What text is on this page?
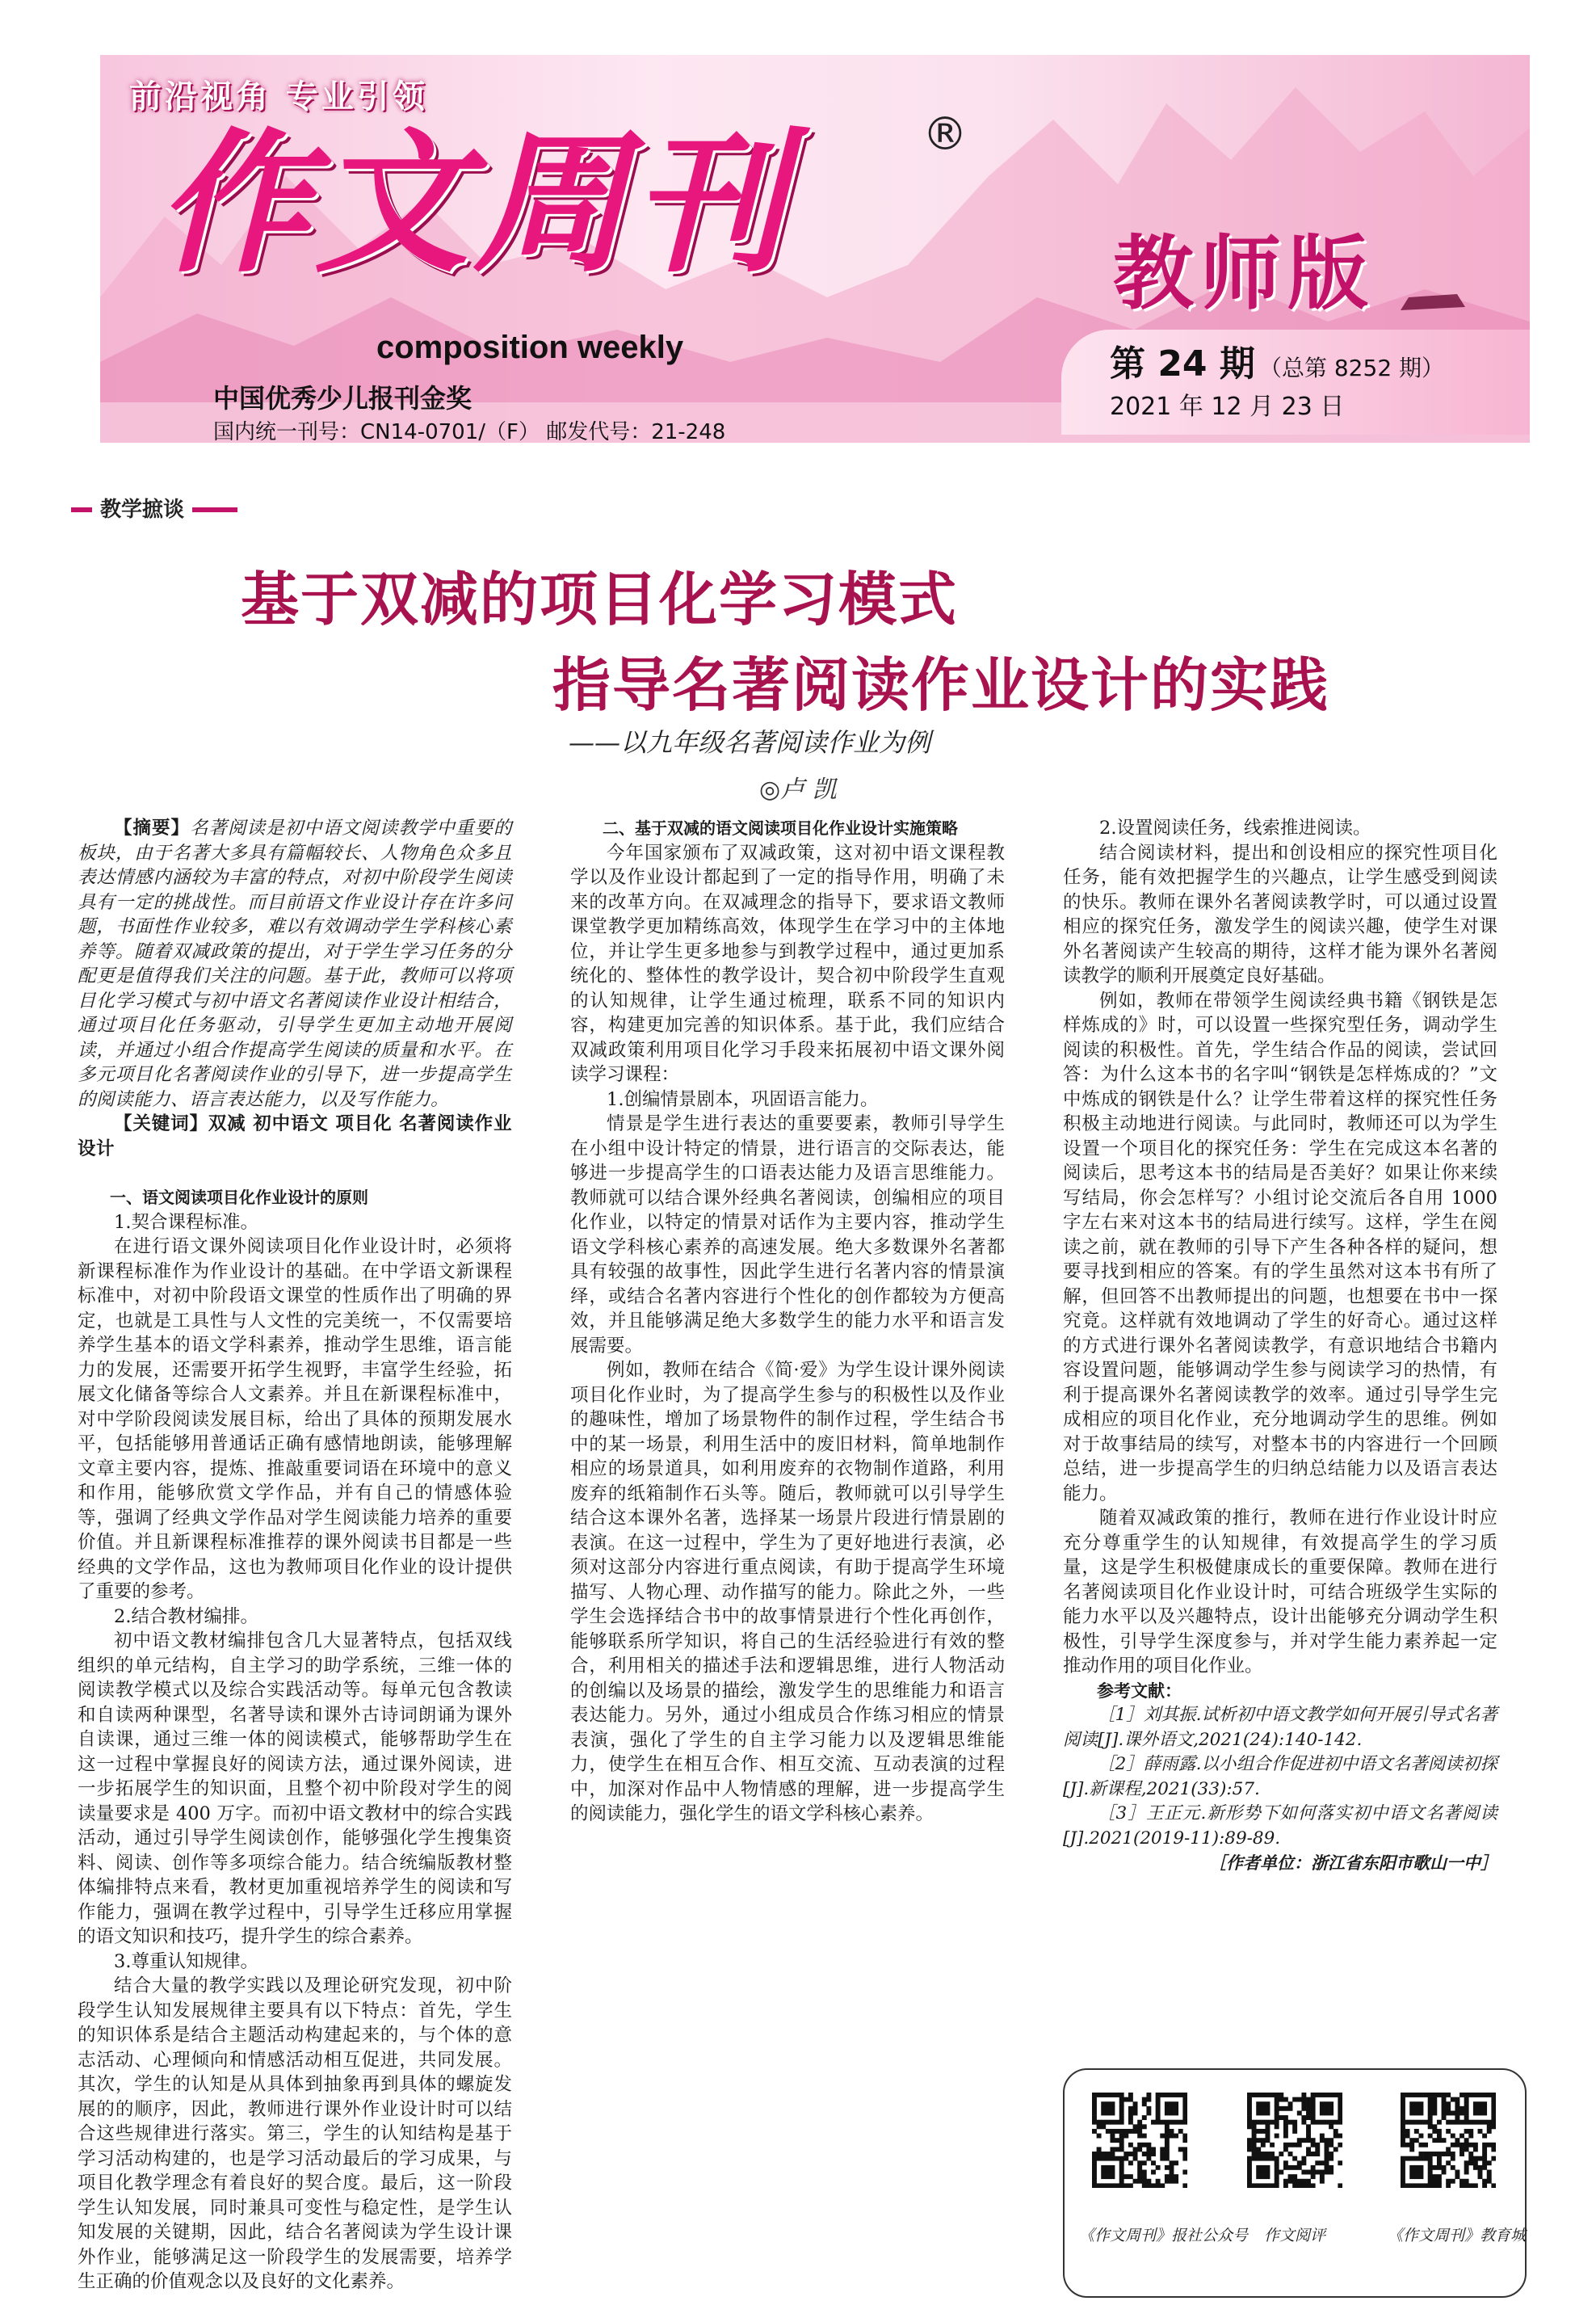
前沿视角 专业引领
作文周刊	®
composition weekly
中国优秀少儿报刊金奖
国内统一刊号：CN14-0701/（F） 邮发代号：21-248
教师版
第 24 期 （总第 8252 期）
2021 年 12 月 23 日
教学摭谈
基于双减的项目化学习模式
指导名著阅读作业设计的实践
——以九年级名著阅读作业为例
◎卢 凯

【摘要】名著阅读是初中语文阅读教学中重要的板块，由于名著大多具有篇幅较长、人物角色众多且表达情感内涵较为丰富的特点，对初中阶段学生阅读具有一定的挑战性。而目前语文作业设计存在许多问题，书面性作业较多，难以有效调动学生学科核心素养等。随着双减政策的提出，对于学生学习任务的分配更是值得我们关注的问题。基于此，教师可以将项目化学习模式与初中语文名著阅读作业设计相结合，通过项目化任务驱动，引导学生更加主动地开展阅读，并通过小组合作提高学生阅读的质量和水平。在多元项目化名著阅读作业的引导下，进一步提高学生的阅读能力、语言表达能力，以及写作能力。

【关键词】双减 初中语文 项目化 名著阅读作业设计

一、语文阅读项目化作业设计的原则

1.契合课程标准。

在进行语文课外阅读项目化作业设计时，必须将新课程标准作为作业设计的基础。在中学语文新课程标准中，对初中阶段语文课堂的性质作出了明确的界定，也就是工具性与人文性的完美统一，不仅需要培养学生基本的语文学科素养，推动学生思维，语言能力的发展，还需要开拓学生视野，丰富学生经验，拓展文化储备等综合人文素养。并且在新课程标准中，对中学阶段阅读发展目标，给出了具体的预期发展水平，包括能够用普通话正确有感情地朗读，能够理解文章主要内容，提炼、推敲重要词语在环境中的意义和作用，能够欣赏文学作品，并有自己的情感体验等，强调了经典文学作品对学生阅读能力培养的重要价值。并且新课程标准推荐的课外阅读书目都是一些经典的文学作品，这也为教师项目化作业的设计提供了重要的参考。

2.结合教材编排。

初中语文教材编排包含几大显著特点，包括双线组织的单元结构，自主学习的助学系统，三维一体的阅读教学模式以及综合实践活动等。每单元包含教读和自读两种课型，名著导读和课外古诗词朗诵为课外自读课，通过三维一体的阅读模式，能够帮助学生在这一过程中掌握良好的阅读方法，通过课外阅读，进一步拓展学生的知识面，且整个初中阶段对学生的阅读量要求是 400 万字。而初中语文教材中的综合实践活动，通过引导学生阅读创作，能够强化学生搜集资料、阅读、创作等多项综合能力。结合统编版教材整体编排特点来看，教材更加重视培养学生的阅读和写作能力，强调在教学过程中，引导学生迁移应用掌握的语文知识和技巧，提升学生的综合素养。

3.尊重认知规律。

结合大量的教学实践以及理论研究发现，初中阶段学生认知发展规律主要具有以下特点：首先，学生的知识体系是结合主题活动构建起来的，与个体的意志活动、心理倾向和情感活动相互促进，共同发展。其次，学生的认知是从具体到抽象再到具体的螺旋发展的的顺序，因此，教师进行课外作业设计时可以结合这些规律进行落实。第三，学生的认知结构是基于学习活动构建的，也是学习活动最后的学习成果，与项目化教学理念有着良好的契合度。最后，这一阶段学生认知发展，同时兼具可变性与稳定性，是学生认知发展的关键期，因此，结合名著阅读为学生设计课外作业，能够满足这一阶段学生的发展需要，培养学生正确的价值观念以及良好的文化素养。

二、基于双减的语文阅读项目化作业设计实施策略

今年国家颁布了双减政策，这对初中语文课程教学以及作业设计都起到了一定的指导作用，明确了未来的改革方向。在双减理念的指导下，要求语文教师课堂教学更加精练高效，体现学生在学习中的主体地位，并让学生更多地参与到教学过程中，通过更加系统化的、整体性的教学设计，契合初中阶段学生直观的认知规律，让学生通过梳理，联系不同的知识内容，构建更加完善的知识体系。基于此，我们应结合双减政策利用项目化学习手段来拓展初中语文课外阅读学习课程：

1.创编情景剧本，巩固语言能力。

情景是学生进行表达的重要要素，教师引导学生在小组中设计特定的情景，进行语言的交际表达，能够进一步提高学生的口语表达能力及语言思维能力。教师就可以结合课外经典名著阅读，创编相应的项目化作业，以特定的情景对话作为主要内容，推动学生语文学科核心素养的高速发展。绝大多数课外名著都具有较强的故事性，因此学生进行名著内容的情景演绎，或结合名著内容进行个性化的创作都较为方便高效，并且能够满足绝大多数学生的能力水平和语言发展需要。

例如，教师在结合《简·爱》为学生设计课外阅读项目化作业时，为了提高学生参与的积极性以及作业的趣味性，增加了场景物件的制作过程，学生结合书中的某一场景，利用生活中的废旧材料，简单地制作相应的场景道具，如利用废弃的衣物制作道路，利用废弃的纸箱制作石头等。随后，教师就可以引导学生结合这本课外名著，选择某一场景片段进行情景剧的表演。在这一过程中，学生为了更好地进行表演，必须对这部分内容进行重点阅读，有助于提高学生环境描写、人物心理、动作描写的能力。除此之外，一些学生会选择结合书中的故事情景进行个性化再创作，能够联系所学知识，将自己的生活经验进行有效的整合，利用相关的描述手法和逻辑思维，进行人物活动的创编以及场景的描绘，激发学生的思维能力和语言表达能力。另外，通过小组成员合作练习相应的情景表演，强化了学生的自主学习能力以及逻辑思维能力，使学生在相互合作、相互交流、互动表演的过程中，加深对作品中人物情感的理解，进一步提高学生的阅读能力，强化学生的语文学科核心素养。

2.设置阅读任务，线索推进阅读。

结合阅读材料，提出和创设相应的探究性项目化任务，能有效把握学生的兴趣点，让学生感受到阅读的快乐。教师在课外名著阅读教学时，可以通过设置相应的探究任务，激发学生的阅读兴趣，使学生对课外名著阅读产生较高的期待，这样才能为课外名著阅读教学的顺利开展奠定良好基础。

例如，教师在带领学生阅读经典书籍《钢铁是怎样炼成的》时，可以设置一些探究型任务，调动学生阅读的积极性。首先，学生结合作品的阅读，尝试回答：为什么这本书的名字叫“钢铁是怎样炼成的？”文中炼成的钢铁是什么？让学生带着这样的探究性任务积极主动地进行阅读。与此同时，教师还可以为学生设置一个项目化的探究任务：学生在完成这本名著的阅读后，思考这本书的结局是否美好？如果让你来续写结局，你会怎样写？小组讨论交流后各自用 1000 字左右来对这本书的结局进行续写。这样，学生在阅读之前，就在教师的引导下产生各种各样的疑问，想要寻找到相应的答案。有的学生虽然对这本书有所了解，但回答不出教师提出的问题，也想要在书中一探究竟。这样就有效地调动了学生的好奇心。通过这样的方式进行课外名著阅读教学，有意识地结合书籍内容设置问题，能够调动学生参与阅读学习的热情，有利于提高课外名著阅读教学的效率。通过引导学生完成相应的项目化作业，充分地调动学生的思维。例如对于故事结局的续写，对整本书的内容进行一个回顾总结，进一步提高学生的归纳总结能力以及语言表达能力。

随着双减政策的推行，教师在进行作业设计时应充分尊重学生的认知规律，有效提高学生的学习质量，这是学生积极健康成长的重要保障。教师在进行名著阅读项目化作业设计时，可结合班级学生实际的能力水平以及兴趣特点，设计出能够充分调动学生积极性，引导学生深度参与，并对学生能力素养起一定推动作用的项目化作业。

参考文献：

［1］刘其振.试析初中语文教学如何开展引导式名著阅读[J].课外语文,2021(24):140-142.

［2］薛雨露.以小组合作促进初中语文名著阅读初探[J].新课程,2021(33):57.

［3］王正元.新形势下如何落实初中语文名著阅读[J].2021(2019-11):89-89.

［作者单位：浙江省东阳市歌山一中］

《作文周刊》报社公众号	作文阅评	《作文周刊》教育城
